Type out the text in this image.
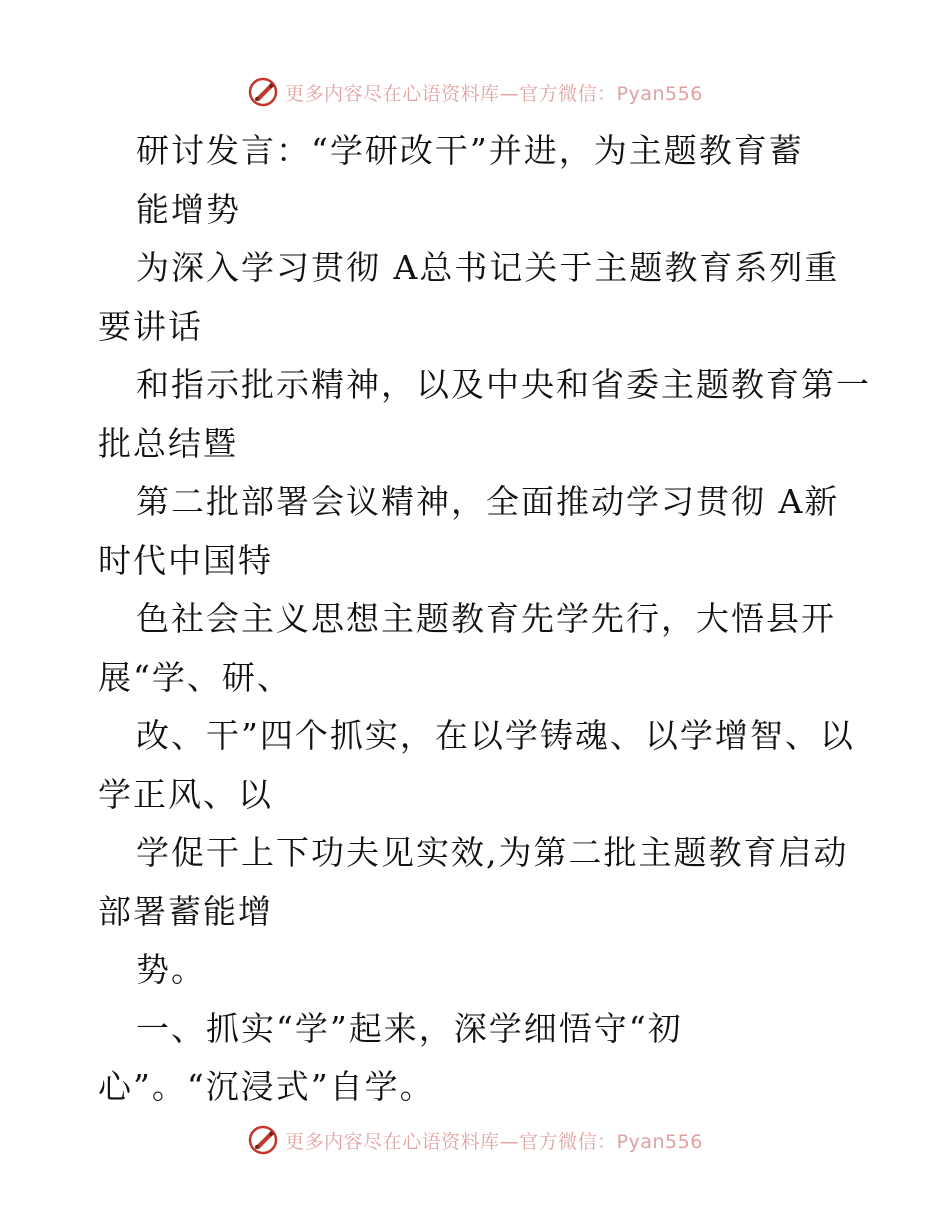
更多内容尽在心语资料库—官方微信：Pyan556
研讨发言：“学研改干”并进，为主题教育蓄
能增势
为深入学习贯彻 A总书记关于主题教育系列重
要讲话
和指示批示精神，以及中央和省委主题教育第一
批总结暨
第二批部署会议精神，全面推动学习贯彻 A新
时代中国特
色社会主义思想主题教育先学先行，大悟县开
展“学、研、
改、干”四个抓实，在以学铸魂、以学增智、以
学正风、以
学促干上下功夫见实效,为第二批主题教育启动
部署蓄能增
势。
一、抓实“学”起来，深学细悟守“初
心”。“沉浸式”自学。
更多内容尽在心语资料库—官方微信：Pyan556
